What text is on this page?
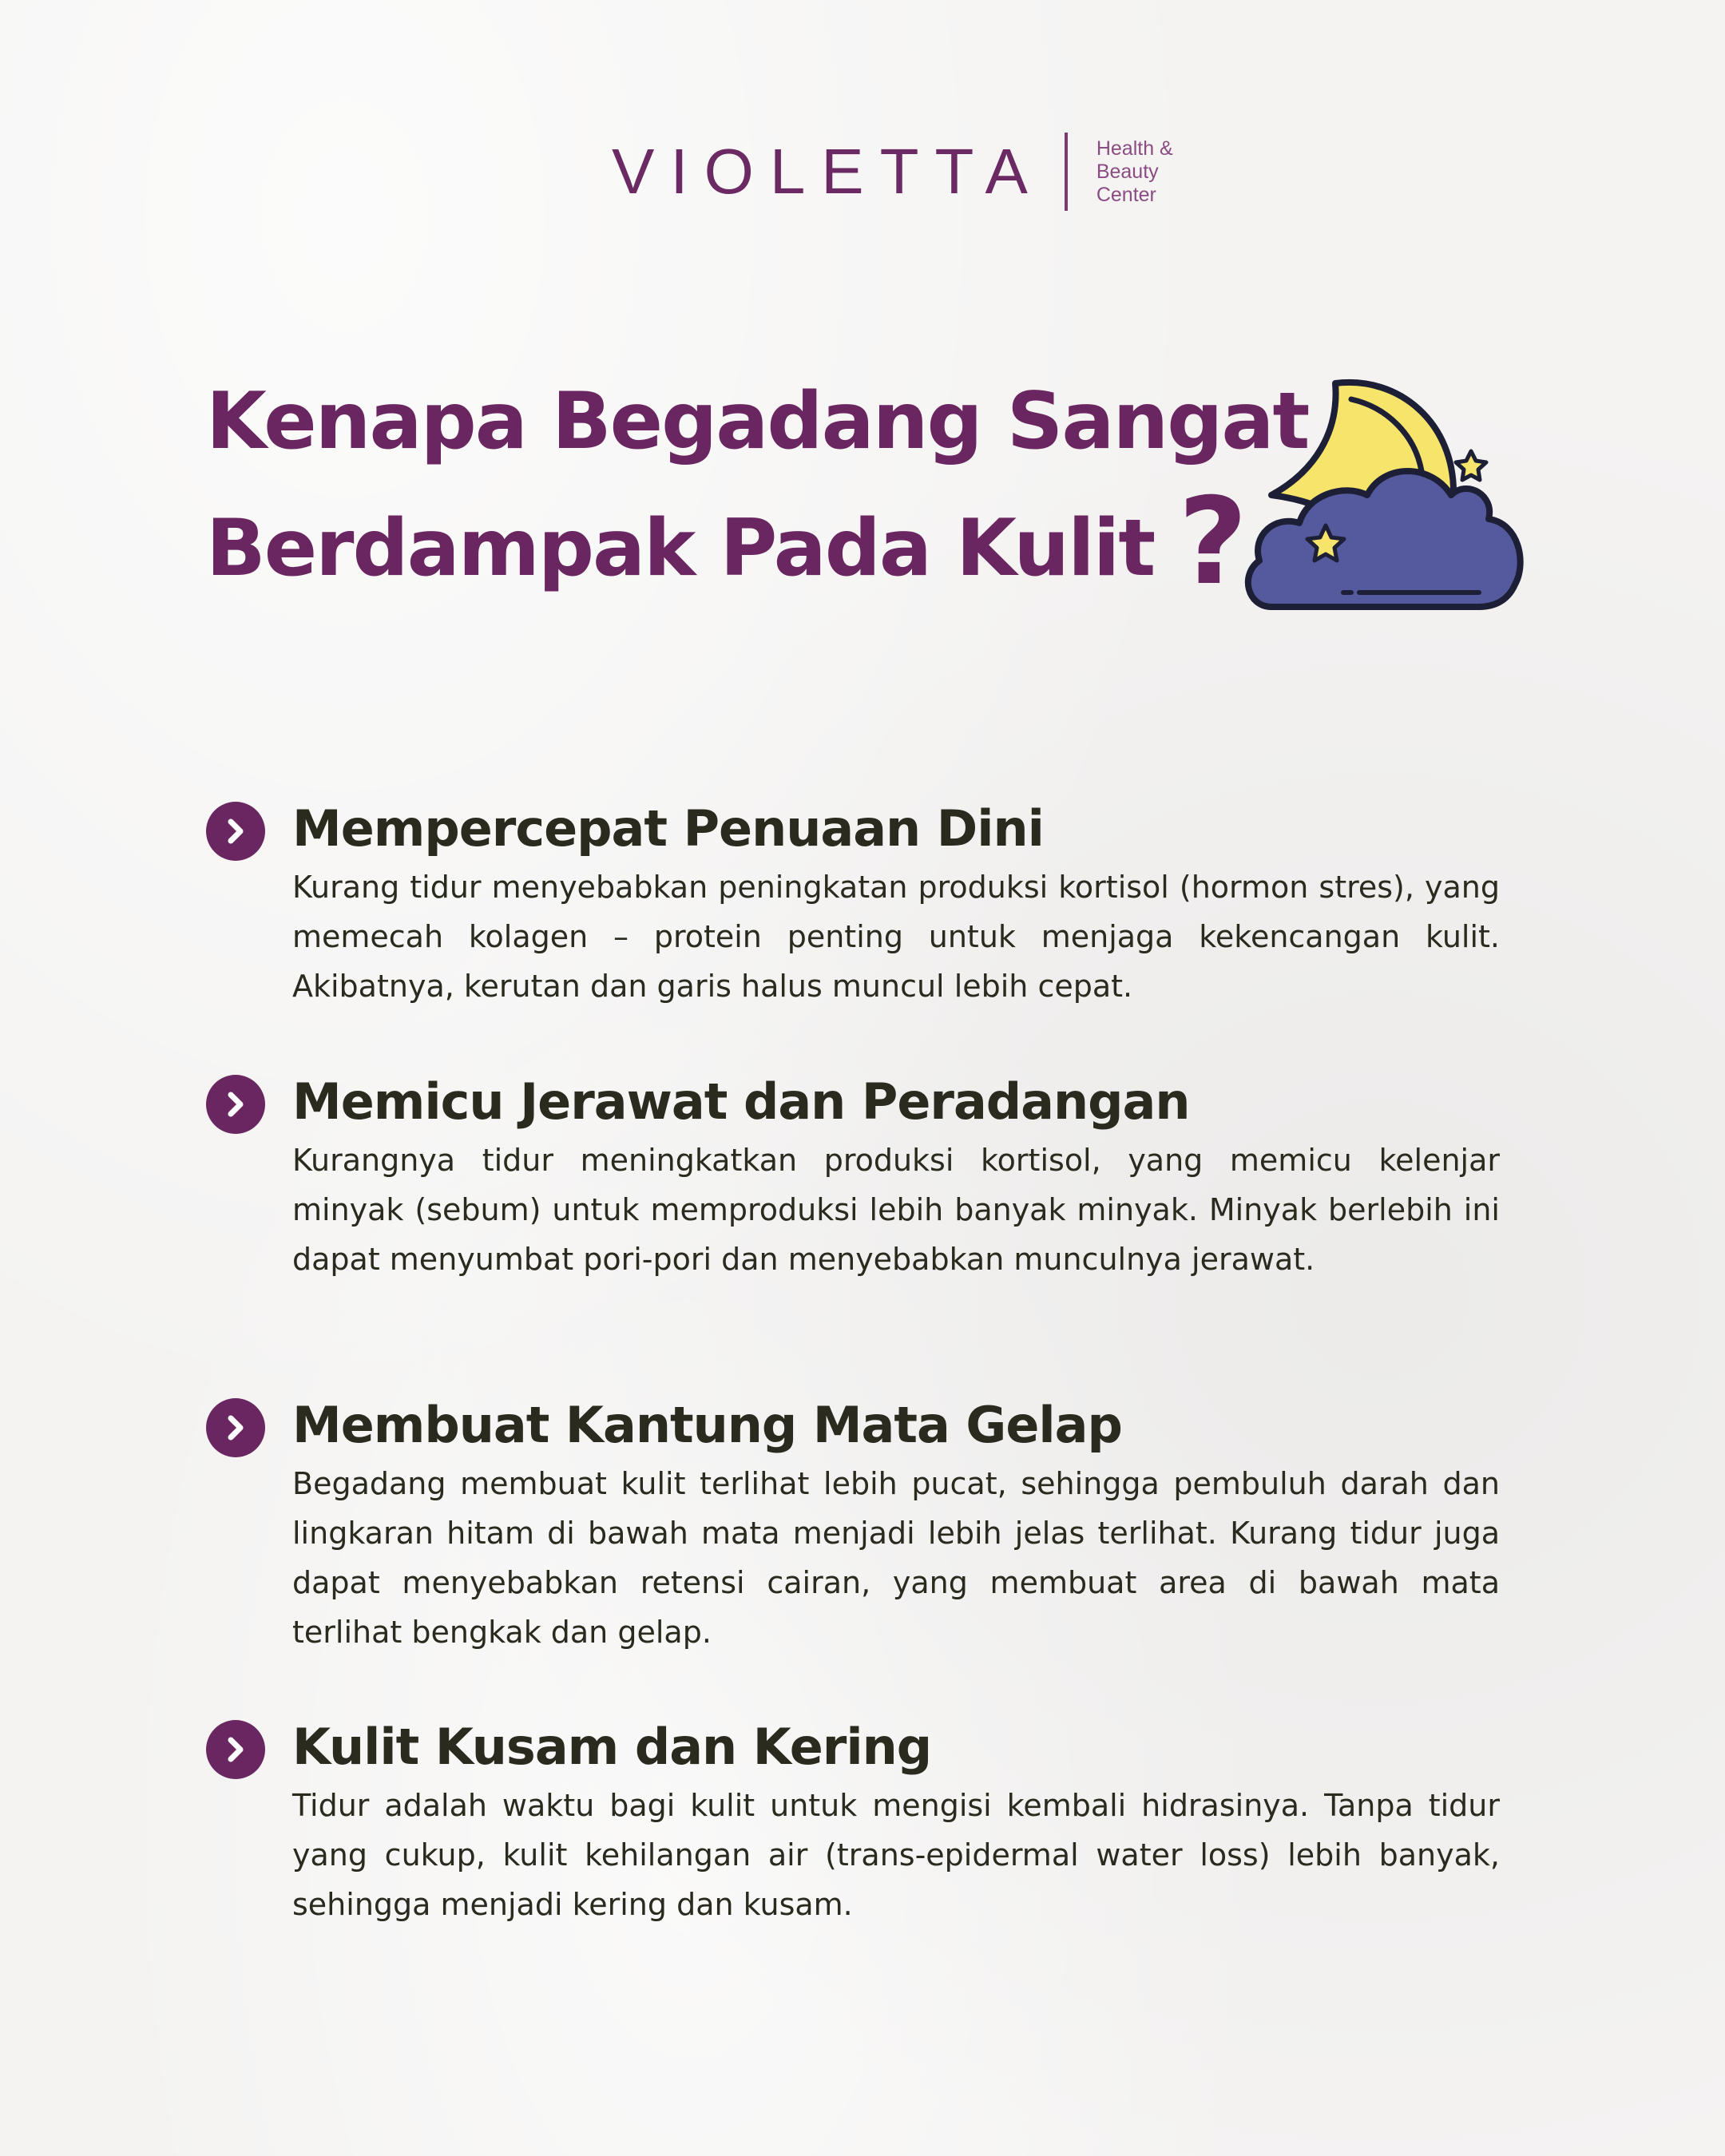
VIOLETTA	Health &
Beauty
Center
Kenapa Begadang Sangat
Berdampak Pada Kulit ?
Mempercepat Penuaan Dini

Kurang tidur menyebabkan peningkatan produksi kortisol (hormon stres), yang memecah kolagen – protein penting untuk menjaga kekencangan kulit. Akibatnya, kerutan dan garis halus muncul lebih cepat.

Memicu Jerawat dan Peradangan

Kurangnya tidur meningkatkan produksi kortisol, yang memicu kelenjar minyak (sebum) untuk memproduksi lebih banyak minyak. Minyak berlebih ini dapat menyumbat pori-pori dan menyebabkan munculnya jerawat.

Membuat Kantung Mata Gelap

Begadang membuat kulit terlihat lebih pucat, sehingga pembuluh darah dan lingkaran hitam di bawah mata menjadi lebih jelas terlihat. Kurang tidur juga dapat menyebabkan retensi cairan, yang membuat area di bawah mata terlihat bengkak dan gelap.

Kulit Kusam dan Kering

Tidur adalah waktu bagi kulit untuk mengisi kembali hidrasinya. Tanpa tidur yang cukup, kulit kehilangan air (trans-epidermal water loss) lebih banyak, sehingga menjadi kering dan kusam.
